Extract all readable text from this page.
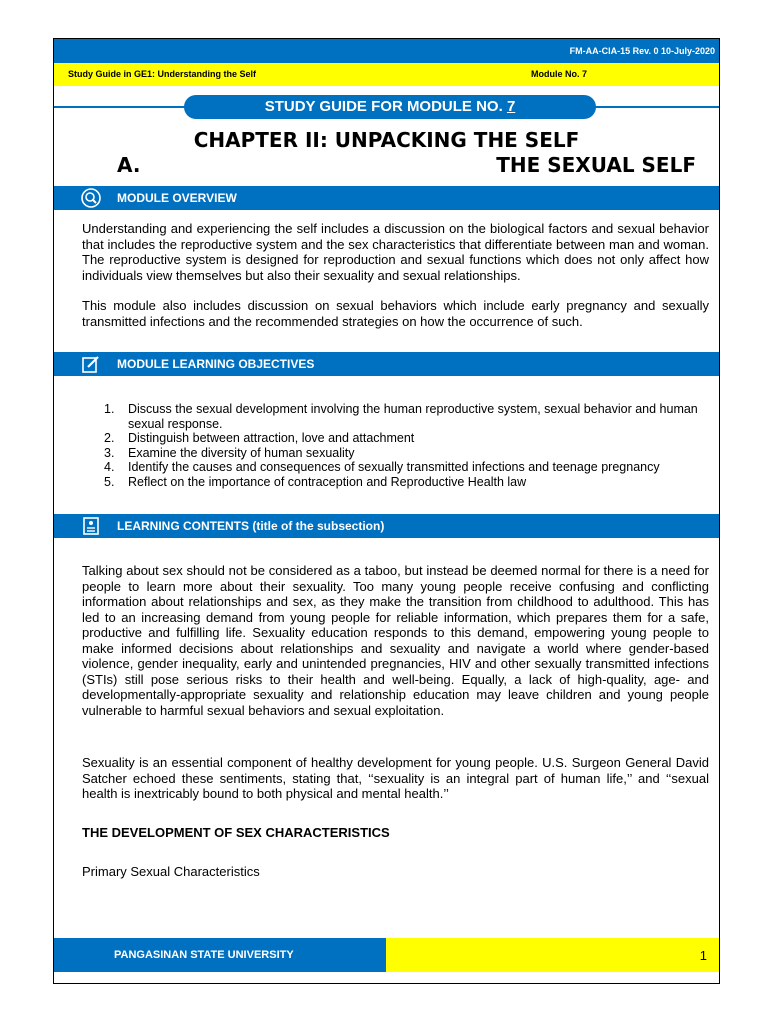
FM-AA-CIA-15 Rev. 0 10-July-2020
Study Guide in GE1: Understanding the Self	Module No. 7
STUDY GUIDE FOR MODULE NO. 7
CHAPTER II: UNPACKING THE SELF
A.	THE SEXUAL SELF
MODULE OVERVIEW

Understanding and experiencing the self includes a discussion on the biological factors and sexual behavior that includes the reproductive system and the sex characteristics that differentiate between man and woman. The reproductive system is designed for reproduction and sexual functions which does not only affect how individuals view themselves but also their sexuality and sexual relationships.

This module also includes discussion on sexual behaviors which include early pregnancy and sexually transmitted infections and the recommended strategies on how the occurrence of such.

MODULE LEARNING OBJECTIVES
1. Discuss the sexual development involving the human reproductive system, sexual behavior and human sexual response.
2. Distinguish between attraction, love and attachment
3. Examine the diversity of human sexuality
4. Identify the causes and consequences of sexually transmitted infections and teenage pregnancy
5. Reflect on the importance of contraception and Reproductive Health law
LEARNING CONTENTS (title of the subsection)

Talking about sex should not be considered as a taboo, but instead be deemed normal for there is a need for people to learn more about their sexuality. Too many young people receive confusing and conflicting information about relationships and sex, as they make the transition from childhood to adulthood. This has led to an increasing demand from young people for reliable information, which prepares them for a safe, productive and fulfilling life. Sexuality education responds to this demand, empowering young people to make informed decisions about relationships and sexuality and navigate a world where gender-based violence, gender inequality, early and unintended pregnancies, HIV and other sexually transmitted infections (STIs) still pose serious risks to their health and well-being. Equally, a lack of high-quality, age- and developmentally-appropriate sexuality and relationship education may leave children and young people vulnerable to harmful sexual behaviors and sexual exploitation.

Sexuality is an essential component of healthy development for young people. U.S. Surgeon General David Satcher echoed these sentiments, stating that, ‘‘sexuality is an integral part of human life,’’ and ‘‘sexual health is inextricably bound to both physical and mental health.’’

THE DEVELOPMENT OF SEX CHARACTERISTICS
Primary Sexual Characteristics
PANGASINAN STATE UNIVERSITY	1
